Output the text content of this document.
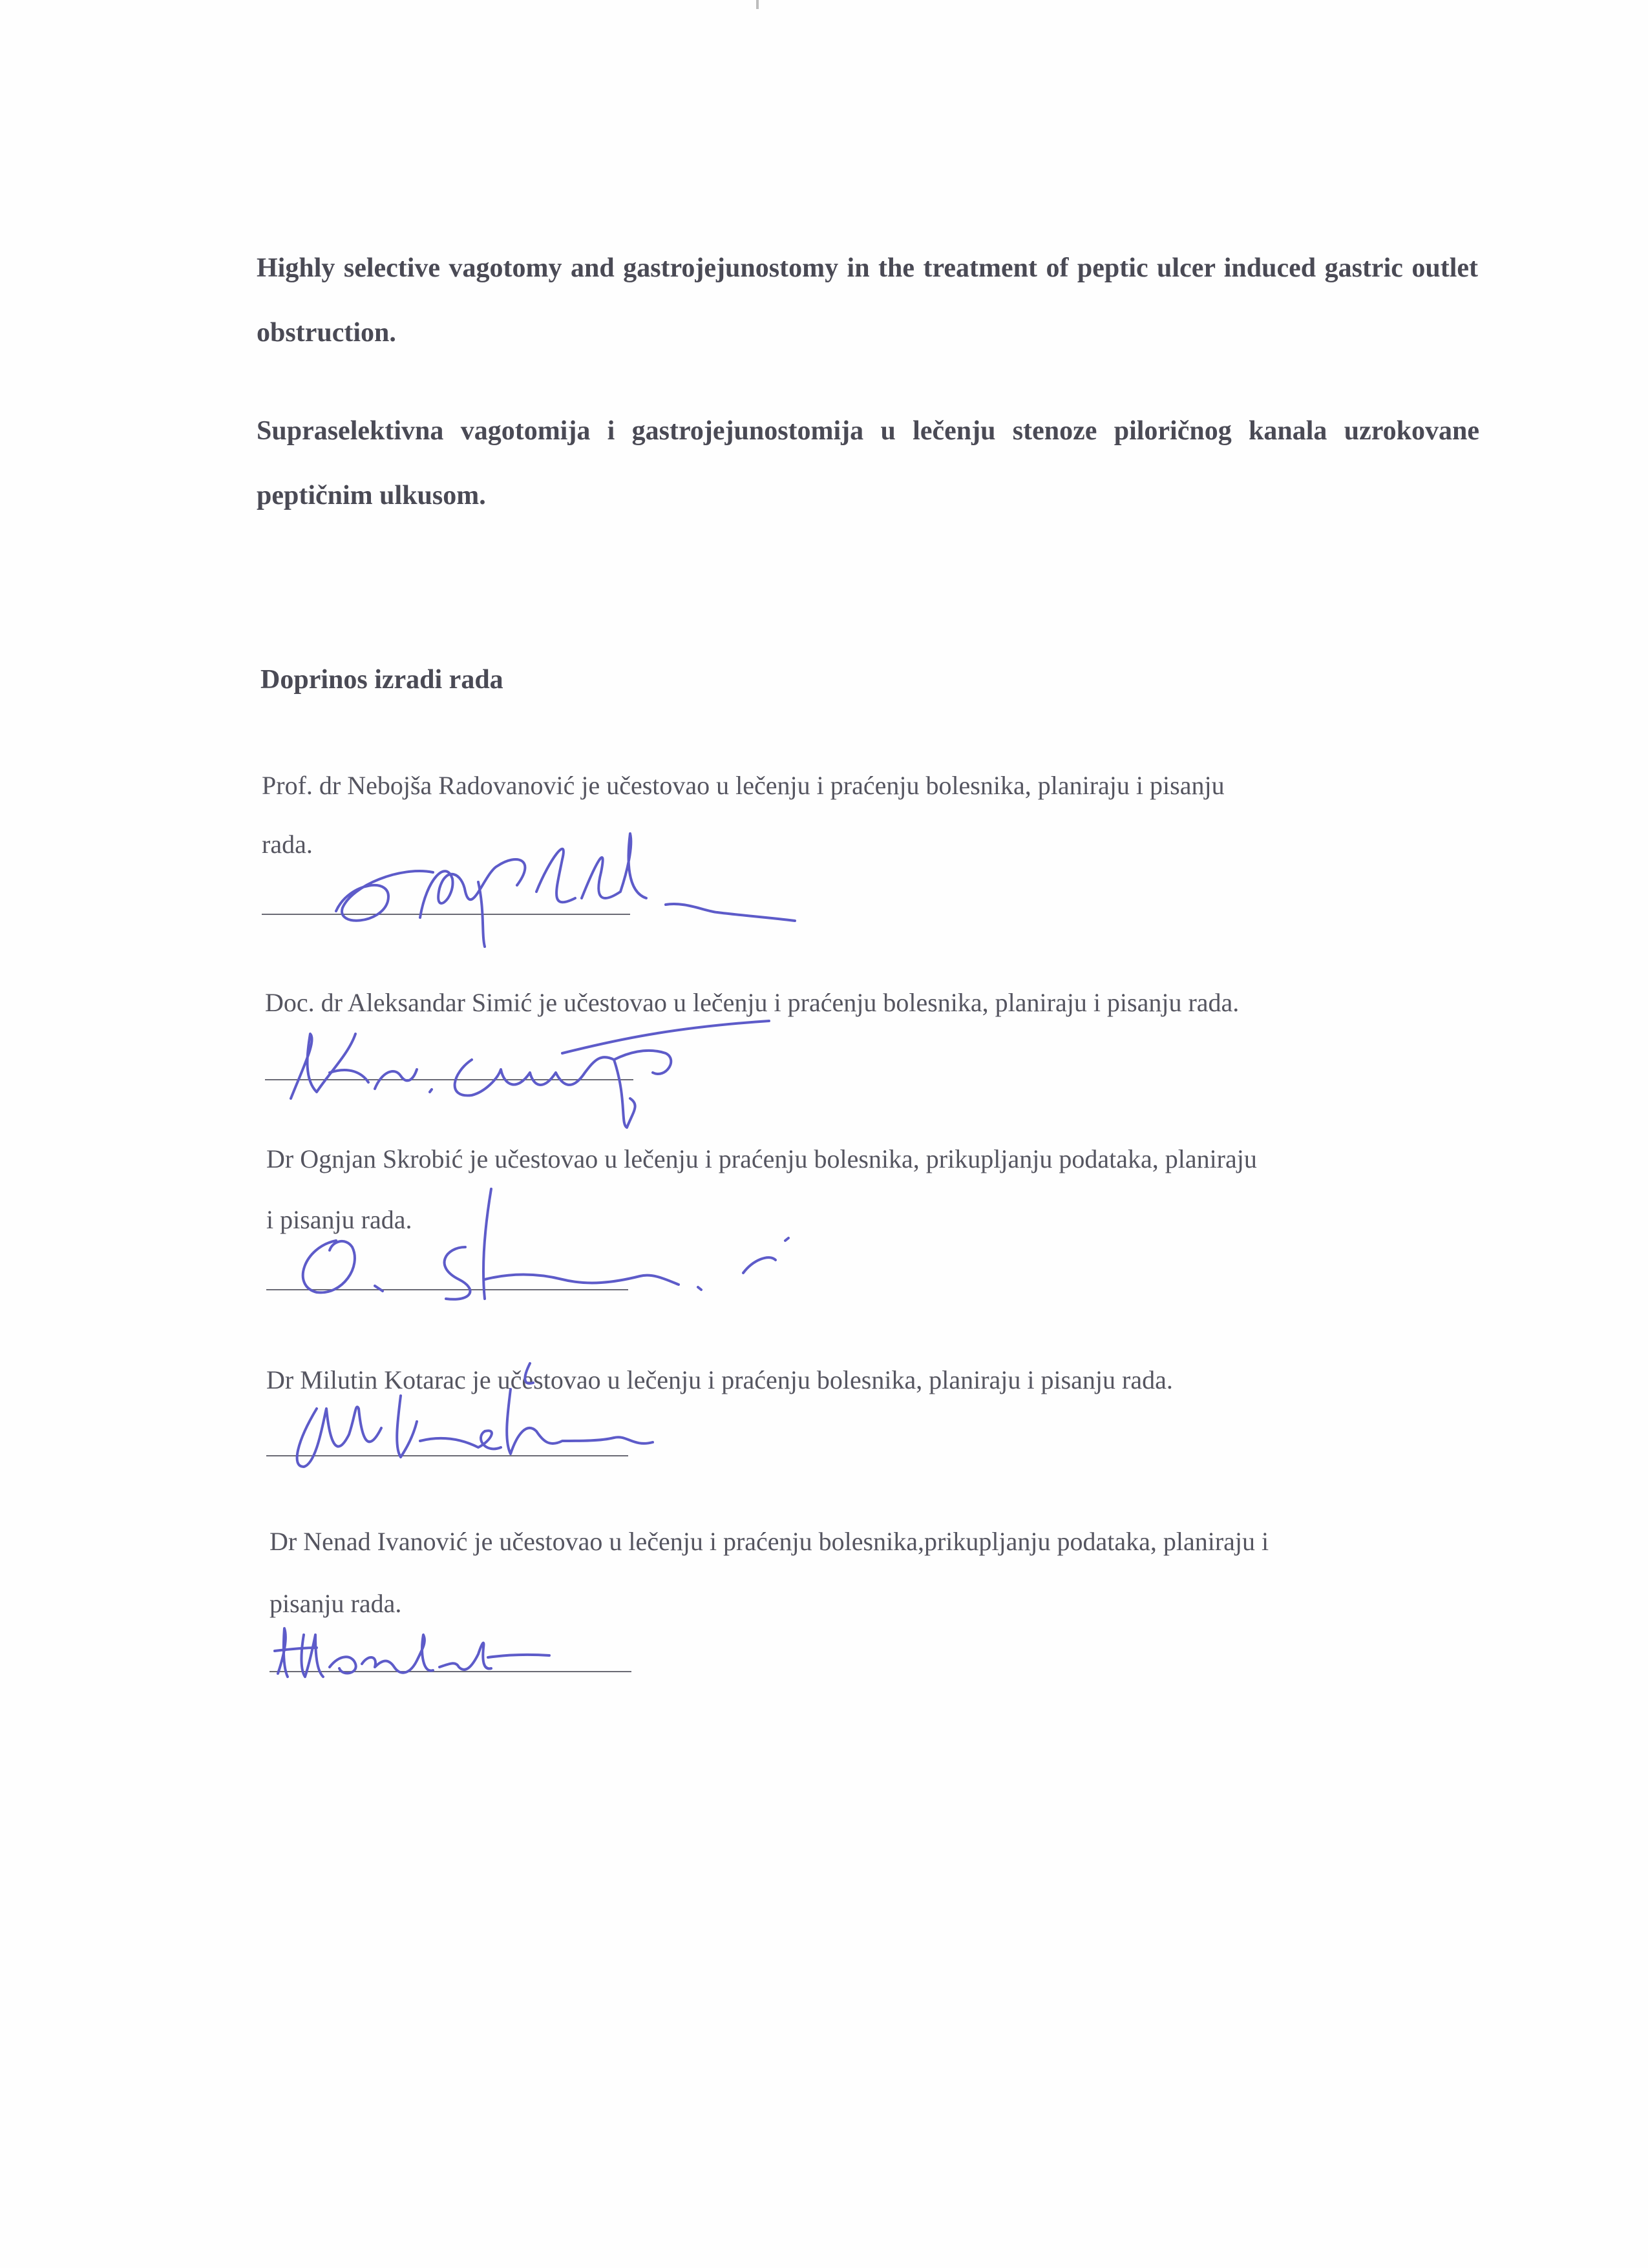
Highly selective vagotomy and gastrojejunostomy in the treatment of peptic ulcer induced gastric outlet obstruction.

Supraselektivna vagotomija i gastrojejunostomija u lečenju stenoze piloričnog kanala uzrokovane peptičnim ulkusom.

Doprinos izradi rada

Prof. dr Nebojša Radovanović je učestovao u lečenju i praćenju bolesnika, planiraju i pisanju

rada.

Doc. dr Aleksandar Simić je učestovao u lečenju i praćenju bolesnika, planiraju i pisanju rada.

Dr Ognjan Skrobić je učestovao u lečenju i praćenju bolesnika, prikupljanju podataka, planiraju

i pisanju rada.

Dr Milutin Kotarac je učestovao u lečenju i praćenju bolesnika, planiraju i pisanju rada.

Dr Nenad Ivanović je učestovao u lečenju i praćenju bolesnika,prikupljanju podataka, planiraju i

pisanju rada.
